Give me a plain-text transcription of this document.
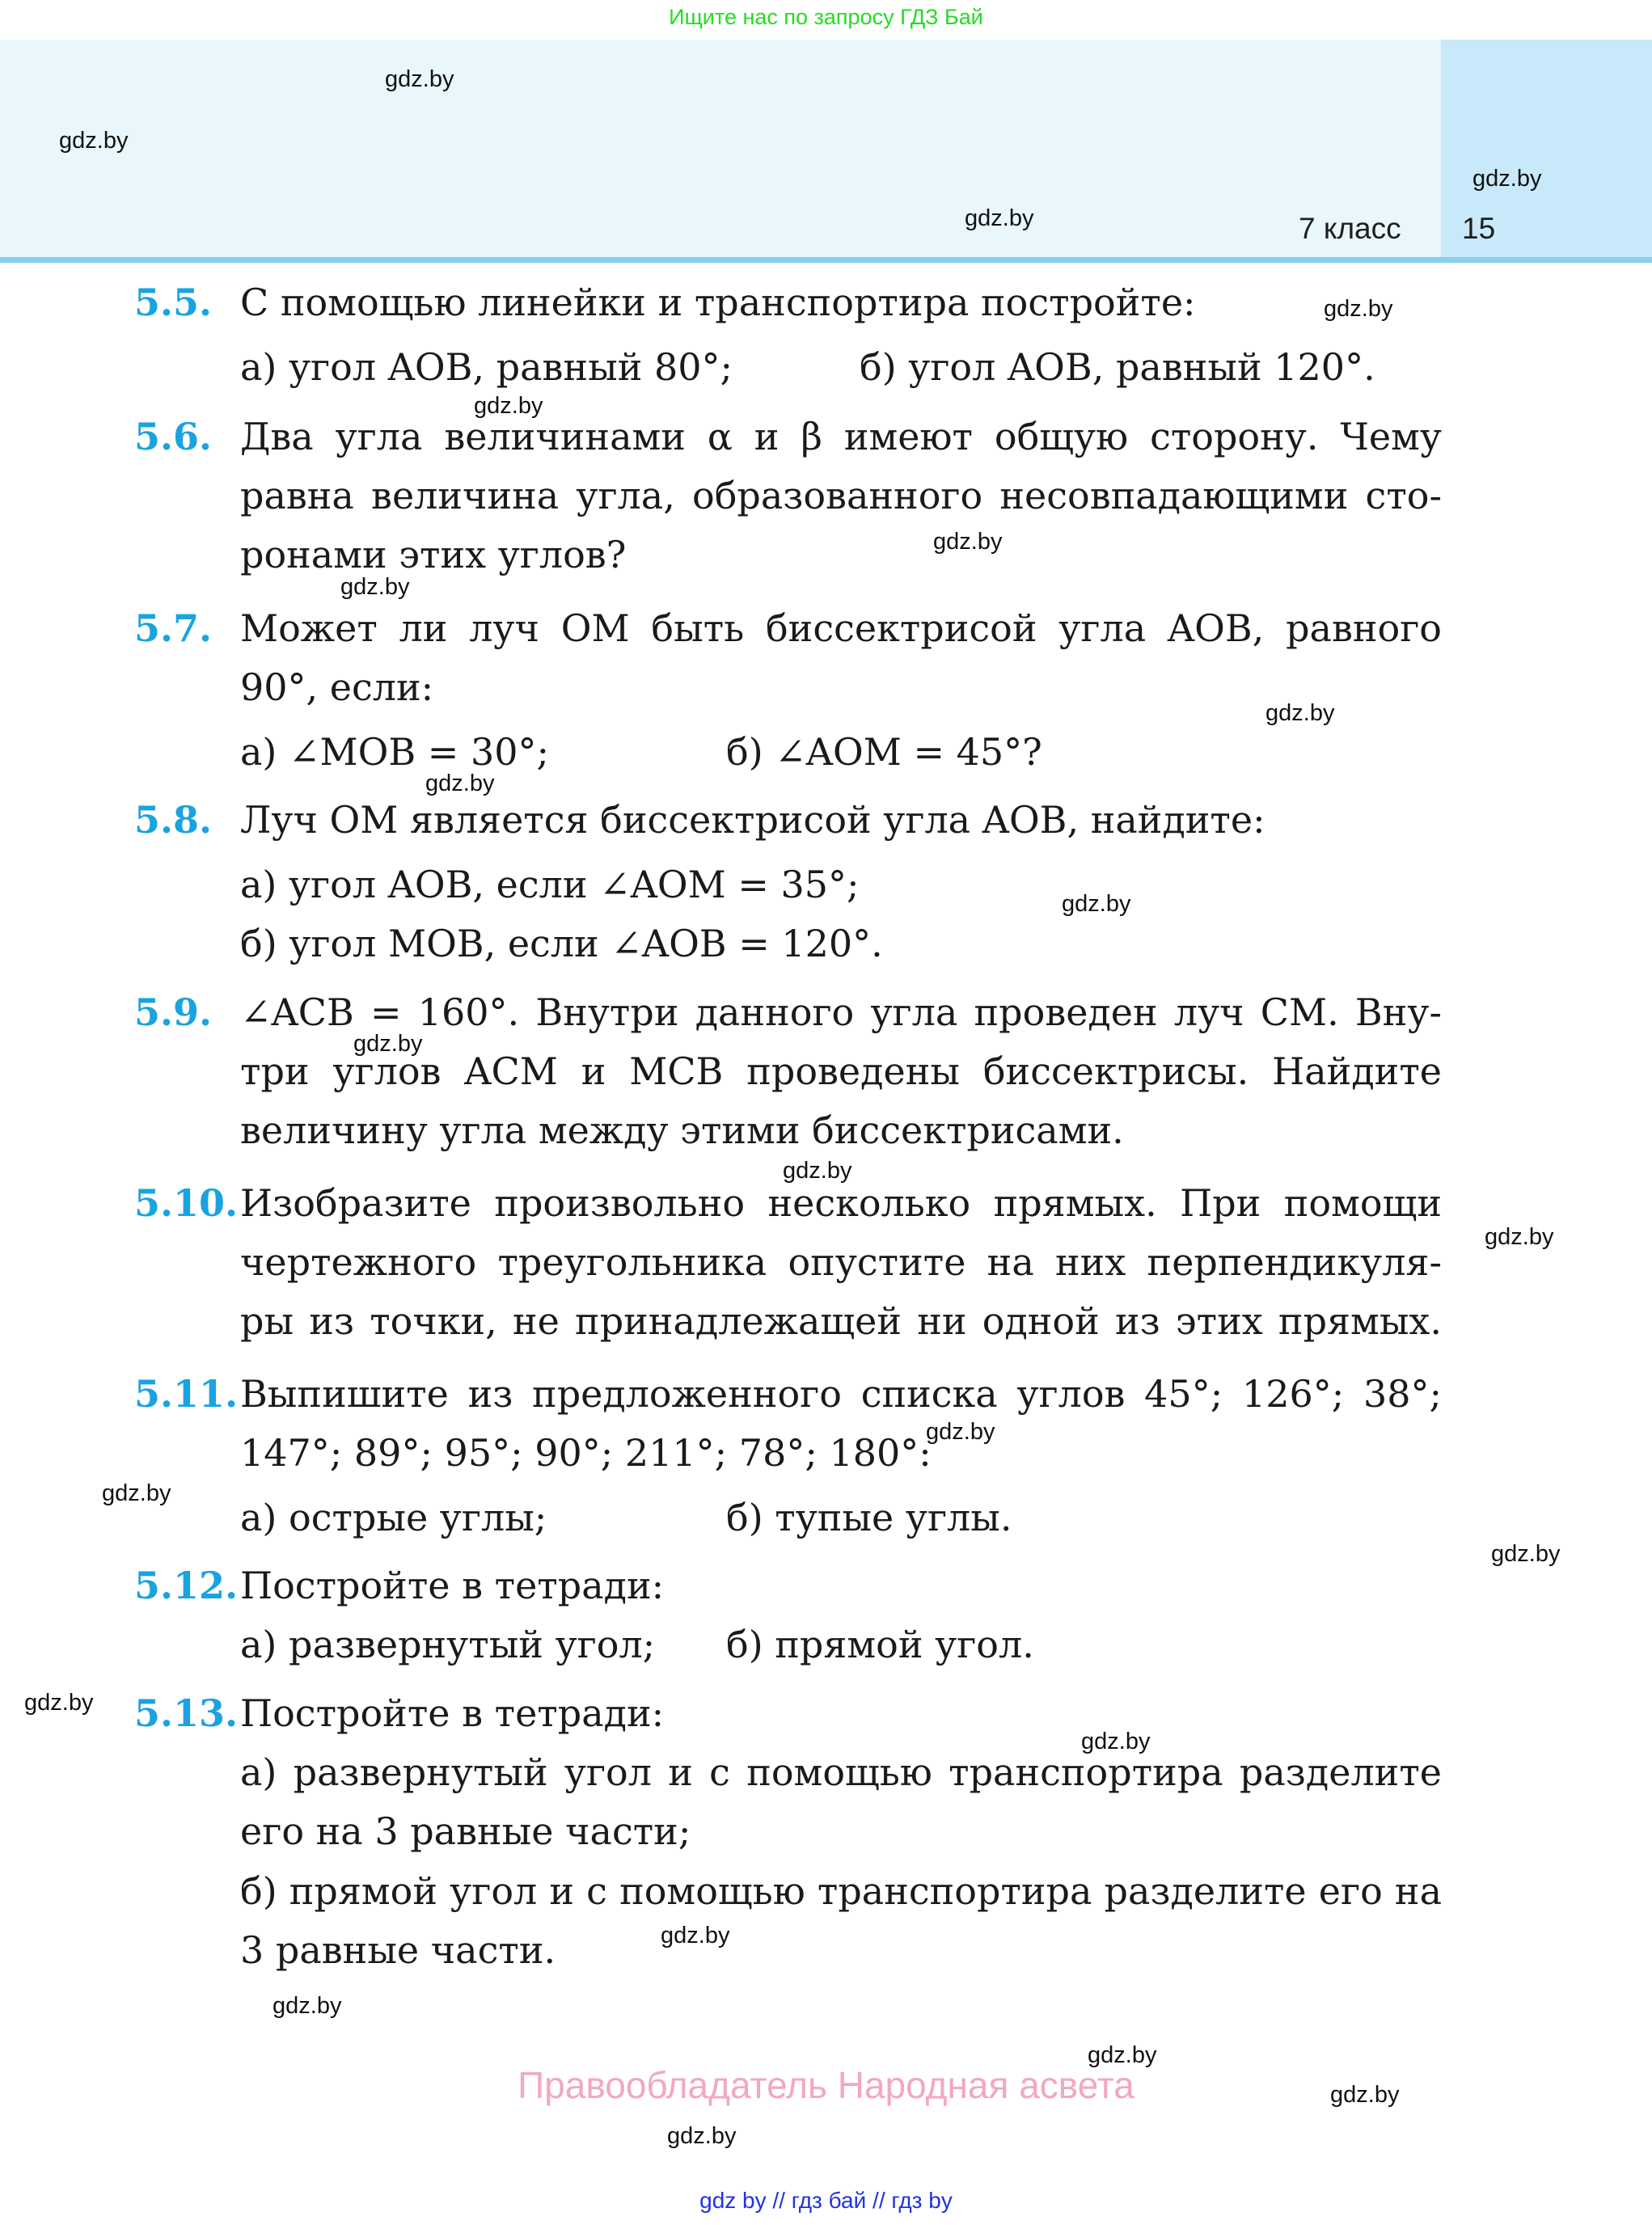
Ищите нас по запросу ГДЗ Бай
7 класс 15
5.5. С помощью линейки и транспортира постройте:
а) угол AOB, равный 80°;	б) угол AOB, равный 120°.
5.6. Два угла величинами α и β имеют общую сторону. Чему
равна величина угла, образованного несовпадающими сто-
ронами этих углов?
5.7. Может ли луч OM быть биссектрисой угла AOB, равного
90°, если:
а) ∠MOB = 30°;	б) ∠AOM = 45°?
5.8. Луч OM является биссектрисой угла AOB, найдите:
а) угол AOB, если ∠AOM = 35°;
б) угол MOB, если ∠AOB = 120°.
5.9. ∠ACB = 160°. Внутри данного угла проведен луч CM. Вну-
три углов ACM и MCB проведены биссектрисы. Найдите
величину угла между этими биссектрисами.
5.10. Изобразите произвольно несколько прямых. При помощи
чертежного треугольника опустите на них перпендикуля-
ры из точки, не принадлежащей ни одной из этих прямых.
5.11. Выпишите из предложенного списка углов 45°; 126°; 38°;
147°; 89°; 95°; 90°; 211°; 78°; 180°:
а) острые углы;	б) тупые углы.
5.12. Постройте в тетради:
а) развернутый угол; б) прямой угол.
5.13. Постройте в тетради:
а) развернутый угол и с помощью транспортира разделите
его на 3 равные части;
б) прямой угол и с помощью транспортира разделите его на
3 равные части.
gdz.by
gdz.by
gdz.by
gdz.by
gdz.by
gdz.by
gdz.by
gdz.by
gdz.by
gdz.by
gdz.by
gdz.by
gdz.by
gdz.by
gdz.by
gdz.by
gdz.by
gdz.by
gdz.by
gdz.by
gdz.by
gdz.by
gdz.by
gdz.by
Правообладатель Народная асвета
gdz by // гдз бай // гдз by
